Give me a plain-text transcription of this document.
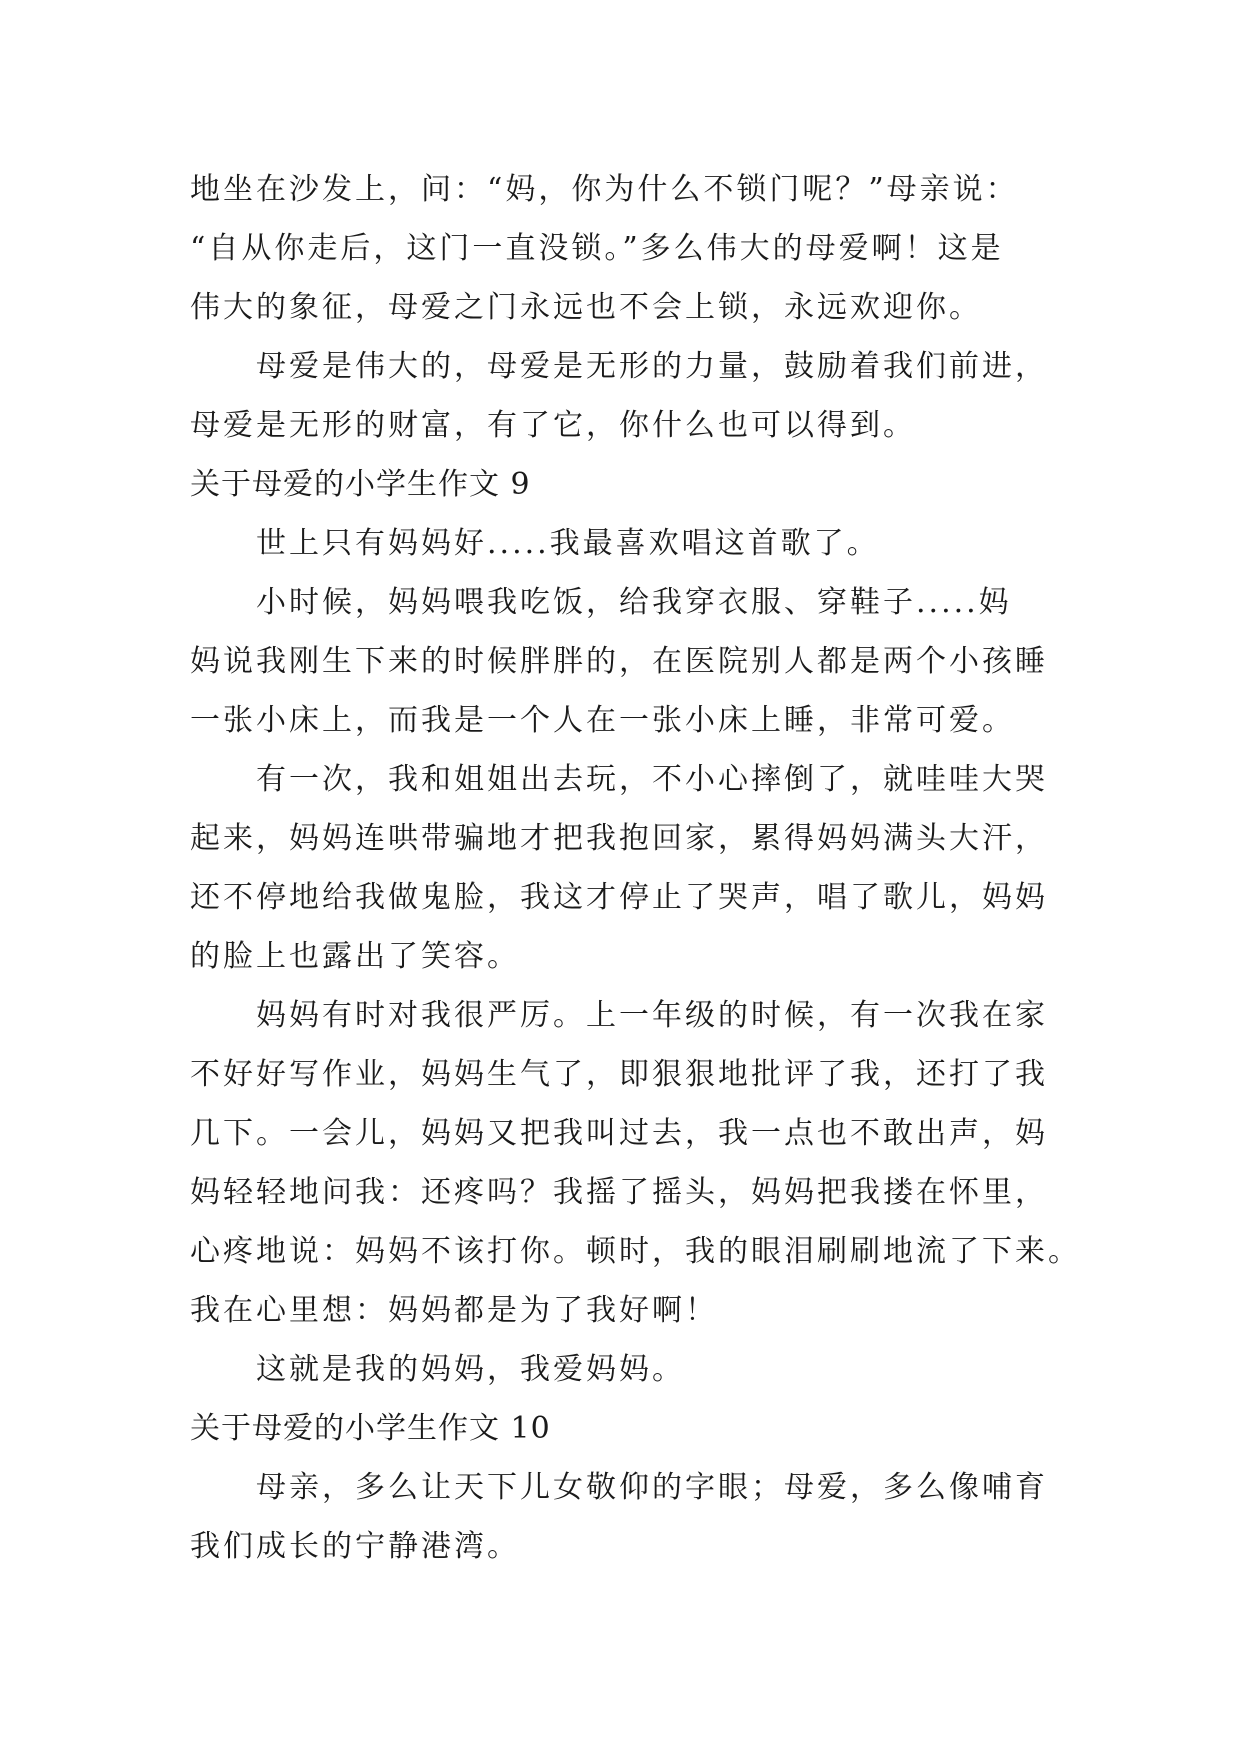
地坐在沙发上，问：“妈，你为什么不锁门呢？”母亲说：
“自从你走后，这门一直没锁。”多么伟大的母爱啊！这是
伟大的象征，母爱之门永远也不会上锁，永远欢迎你。

母爱是伟大的，母爱是无形的力量，鼓励着我们前进，
母爱是无形的财富，有了它，你什么也可以得到。

关于母爱的小学生作文 9

世上只有妈妈好.....我最喜欢唱这首歌了。

小时候，妈妈喂我吃饭，给我穿衣服、穿鞋子.....妈
妈说我刚生下来的时候胖胖的，在医院别人都是两个小孩睡
一张小床上，而我是一个人在一张小床上睡，非常可爱。

有一次，我和姐姐出去玩，不小心摔倒了，就哇哇大哭
起来，妈妈连哄带骗地才把我抱回家，累得妈妈满头大汗，
还不停地给我做鬼脸，我这才停止了哭声，唱了歌儿，妈妈
的脸上也露出了笑容。

妈妈有时对我很严厉。上一年级的时候，有一次我在家
不好好写作业，妈妈生气了，即狠狠地批评了我，还打了我
几下。一会儿，妈妈又把我叫过去，我一点也不敢出声，妈
妈轻轻地问我：还疼吗？我摇了摇头，妈妈把我搂在怀里，
心疼地说：妈妈不该打你。顿时，我的眼泪刷刷地流了下来。
我在心里想：妈妈都是为了我好啊！

这就是我的妈妈，我爱妈妈。

关于母爱的小学生作文 10

母亲，多么让天下儿女敬仰的字眼；母爱，多么像哺育
我们成长的宁静港湾。
